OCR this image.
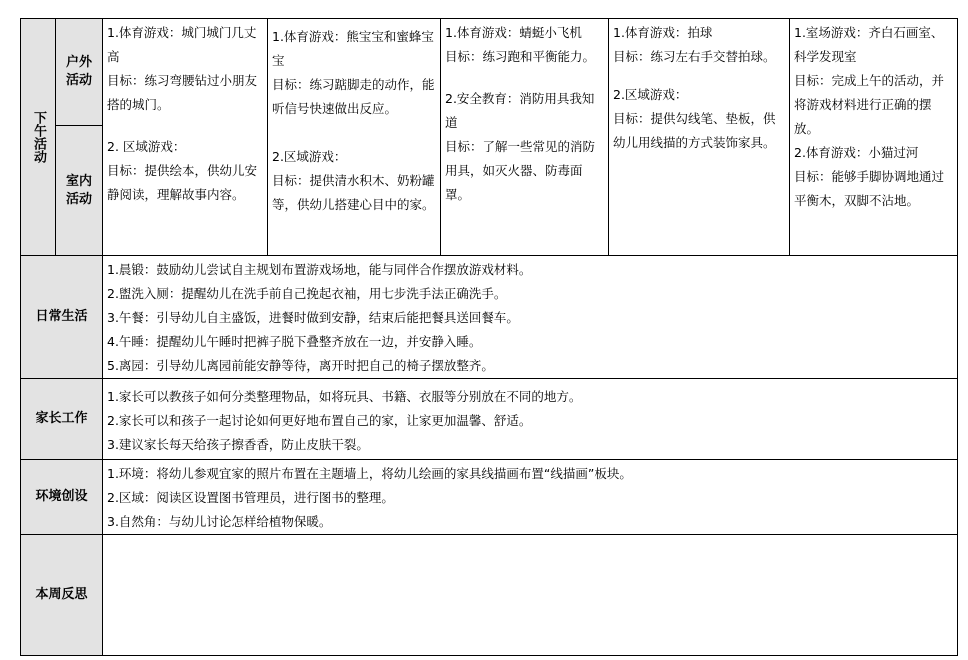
下午活动
户外活动
室内活动

1.体育游戏：城门城门几丈高

目标：练习弯腰钻过小朋友搭的城门。

2. 区域游戏：

目标：提供绘本，供幼儿安静阅读，理解故事内容。

1.体育游戏：熊宝宝和蜜蜂宝宝

目标：练习踮脚走的动作，能听信号快速做出反应。

2.区域游戏：

目标：提供清水积木、奶粉罐等，供幼儿搭建心目中的家。

1.体育游戏：蜻蜓小飞机

目标：练习跑和平衡能力。

2.安全教育：消防用具我知道

目标：了解一些常见的消防用具，如灭火器、防毒面罩。

1.体育游戏：拍球

目标：练习左右手交替拍球。

2.区域游戏：

目标：提供勾线笔、垫板，供幼儿用线描的方式装饰家具。

1.室场游戏：齐白石画室、科学发现室

目标：完成上午的活动，并将游戏材料进行正确的摆放。

2.体育游戏：小猫过河

目标：能够手脚协调地通过平衡木，双脚不沾地。

日常生活

1.晨锻：鼓励幼儿尝试自主规划布置游戏场地，能与同伴合作摆放游戏材料。

2.盥洗入厕：提醒幼儿在洗手前自己挽起衣袖，用七步洗手法正确洗手。

3.午餐：引导幼儿自主盛饭，进餐时做到安静，结束后能把餐具送回餐车。

4.午睡：提醒幼儿午睡时把裤子脱下叠整齐放在一边，并安静入睡。

5.离园：引导幼儿离园前能安静等待，离开时把自己的椅子摆放整齐。

家长工作

1.家长可以教孩子如何分类整理物品，如将玩具、书籍、衣服等分别放在不同的地方。

2.家长可以和孩子一起讨论如何更好地布置自己的家，让家更加温馨、舒适。

3.建议家长每天给孩子擦香香，防止皮肤干裂。

环境创设

1.环境：将幼儿参观宜家的照片布置在主题墙上，将幼儿绘画的家具线描画布置“线描画”板块。

2.区域：阅读区设置图书管理员，进行图书的整理。

3.自然角：与幼儿讨论怎样给植物保暖。

本周反思
